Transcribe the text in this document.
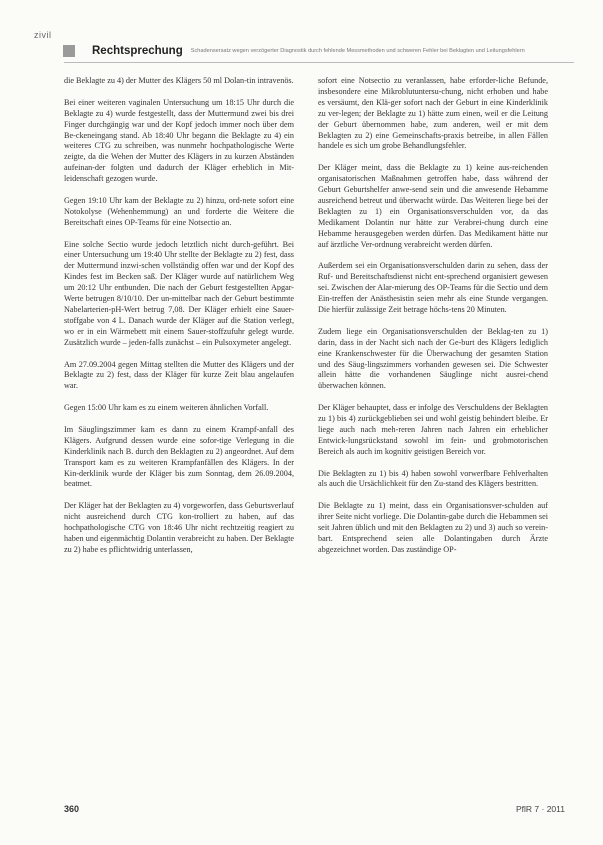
zivil
Rechtsprechung Schadensersatz wegen verzögerter Diagnostik durch fehlende Messmethoden und schweren Fehler bei Beklagten und Leitungsfehlern

die Beklagte zu 4) der Mutter des Klägers 50 ml Dolan-tin intravenös.

Bei einer weiteren vaginalen Untersuchung um 18:15 Uhr durch die Beklagte zu 4) wurde festgestellt, dass der Muttermund zwei bis drei Finger durchgängig war und der Kopf jedoch immer noch über dem Be-ckeneingang stand. Ab 18:40 Uhr begann die Beklagte zu 4) ein weiteres CTG zu schreiben, was nunmehr hochpathologische Werte zeigte, da die Wehen der Mutter des Klägers in zu kurzen Abständen aufeinan-der folgten und dadurch der Kläger erheblich in Mit-leidenschaft gezogen wurde.

Gegen 19:10 Uhr kam der Beklagte zu 2) hinzu, ord-nete sofort eine Notokolyse (Wehenhemmung) an und forderte die Weitere die Bereitschaft eines OP-Teams für eine Notsectio an.

Eine solche Sectio wurde jedoch letztlich nicht durch-geführt. Bei einer Untersuchung um 19:40 Uhr stellte der Beklagte zu 2) fest, dass der Muttermund inzwi-schen vollständig offen war und der Kopf des Kindes fest im Becken saß. Der Kläger wurde auf natürlichem Weg um 20:12 Uhr entbunden. Die nach der Geburt festgestellten Apgar-Werte betrugen 8/10/10. Der un-mittelbar nach der Geburt bestimmte Nabelarterien-pH-Wert betrug 7,08. Der Kläger erhielt eine Sauer-stoffgabe von 4 L. Danach wurde der Kläger auf die Station verlegt, wo er in ein Wärmebett mit einem Sauer-stoffzufuhr gelegt wurde. Zusätzlich wurde – jeden-falls zunächst – ein Pulsoxymeter angelegt.

Am 27.09.2004 gegen Mittag stellten die Mutter des Klägers und der Beklagte zu 2) fest, dass der Kläger für kurze Zeit blau angelaufen war.

Gegen 15:00 Uhr kam es zu einem weiteren ähnlichen Vorfall.

Im Säuglingszimmer kam es dann zu einem Krampf-anfall des Klägers. Aufgrund dessen wurde eine sofor-tige Verlegung in die Kinderklinik nach B. durch den Beklagten zu 2) angeordnet. Auf dem Transport kam es zu weiteren Krampfanfällen des Klägers. In der Kin-derklinik wurde der Kläger bis zum Sonntag, dem 26.09.2004, beatmet.

Der Kläger hat der Beklagten zu 4) vorgeworfen, dass Geburtsverlauf nicht ausreichend durch CTG kon-trolliert zu haben, auf das hochpathologische CTG von 18:46 Uhr nicht rechtzeitig reagiert zu haben und eigenmächtig Dolantin verabreicht zu haben. Der Beklagte zu 2) habe es pflichtwidrig unterlassen,

sofort eine Notsectio zu veranlassen, habe erforder-liche Befunde, insbesondere eine Mikroblutuntersu-chung, nicht erhoben und habe es versäumt, den Klä-ger sofort nach der Geburt in eine Kinderklinik zu ver-legen; der Beklagte zu 1) hätte zum einen, weil er die Leitung der Geburt übernommen habe, zum anderen, weil er mit dem Beklagten zu 2) eine Gemeinschafts-praxis betreibe, in allen Fällen handele es sich um grobe Behandlungsfehler.

Der Kläger meint, dass die Beklagte zu 1) keine aus-reichenden organisatorischen Maßnahmen getroffen habe, dass während der Geburt Geburtshelfer anwe-send sein und die anwesende Hebamme ausreichend betreut und überwacht würde. Das Weiteren liege bei der Beklagten zu 1) ein Organisationsverschulden vor, da das Medikament Dolantin nur hätte zur Verabrei-chung durch eine Hebamme herausgegeben werden dürfen. Das Medikament hätte nur auf ärztliche Ver-ordnung verabreicht werden dürfen.

Außerdem sei ein Organisationsverschulden darin zu sehen, dass der Ruf- und Bereitschaftsdienst nicht ent-sprechend organisiert gewesen sei. Zwischen der Alar-mierung des OP-Teams für die Sectio und dem Ein-treffen der Anästhesistin seien mehr als eine Stunde vergangen. Die hierfür zulässige Zeit betrage höchs-tens 20 Minuten.

Zudem liege ein Organisationsverschulden der Beklag-ten zu 1) darin, dass in der Nacht sich nach der Ge-burt des Klägers lediglich eine Krankenschwester für die Überwachung der gesamten Station und des Säug-lingszimmers vorhanden gewesen sei. Die Schwester allein hätte die vorhandenen Säuglinge nicht ausrei-chend überwachen können.

Der Kläger behauptet, dass er infolge des Verschuldens der Beklagten zu 1) bis 4) zurückgeblieben sei und wohl geistig behindert bleibe. Er liege auch nach meh-reren Jahren nach Jahren ein erheblicher Entwick-lungsrückstand sowohl im fein- und grobmotorischen Bereich als auch im kognitiv geistigen Bereich vor.

Die Beklagten zu 1) bis 4) haben sowohl vorwerfbare Fehlverhalten als auch die Ursächlichkeit für den Zu-stand des Klägers bestritten.

Die Beklagte zu 1) meint, dass ein Organisationsver-schulden auf ihrer Seite nicht vorliege. Die Dolantin-gabe durch die Hebammen sei seit Jahren üblich und mit den Beklagten zu 2) und 3) auch so verein-bart. Entsprechend seien alle Dolantingaben durch Ärzte abgezeichnet worden. Das zuständige OP-

360	PflR 7 · 2011
